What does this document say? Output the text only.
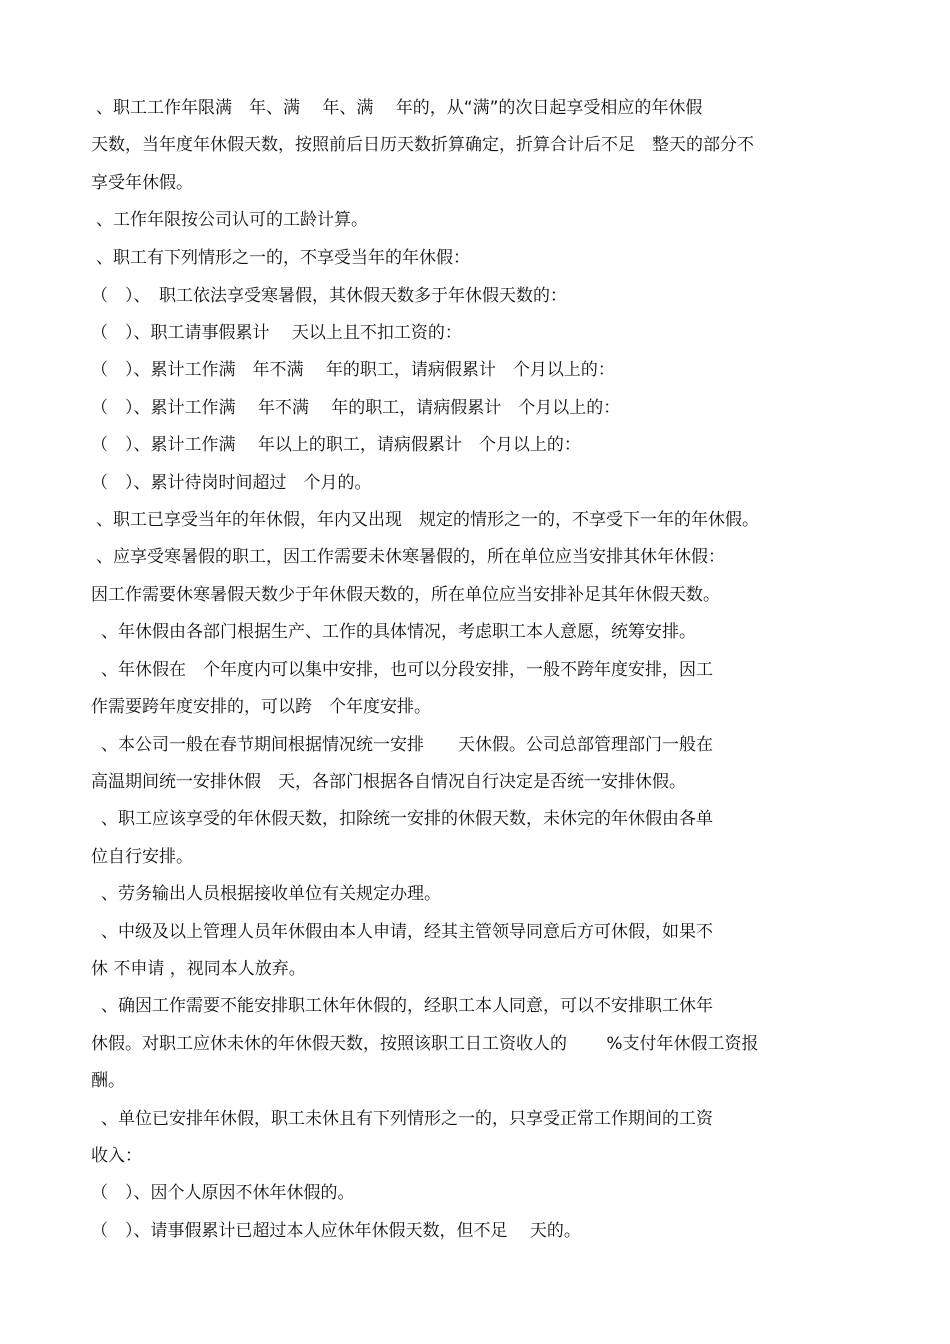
、职工工作年限满　年、满　 年、满　 年的，从“满”的次日起享受相应的年休假

天数，当年度年休假天数，按照前后日历天数折算确定，折算合计后不足　整天的部分不

享受年休假。

、工作年限按公司认可的工龄计算。

、职工有下列情形之一的，不享受当年的年休假：

（　）、　职工依法享受寒暑假，其休假天数多于年休假天数的：

（　）、职工请事假累计　 天以上且不扣工资的：

（　）、累计工作满　年不满　 年的职工，请病假累计　个月以上的：

（　）、累计工作满　 年不满　 年的职工，请病假累计　个月以上的：

（　）、累计工作满　 年以上的职工，请病假累计　个月以上的：

（　）、累计待岗时间超过　个月的。

、职工已享受当年的年休假，年内又出现　规定的情形之一的，不享受下一年的年休假。

、应享受寒暑假的职工，因工作需要未休寒暑假的，所在单位应当安排其休年休假：

因工作需要休寒暑假天数少于年休假天数的，所在单位应当安排补足其年休假天数。

、年休假由各部门根据生产、工作的具体情况，考虑职工本人意愿，统筹安排。

、年休假在　个年度内可以集中安排，也可以分段安排，一般不跨年度安排，因工

作需要跨年度安排的，可以跨　个年度安排。

、本公司一般在春节期间根据情况统一安排　　天休假。公司总部管理部门一般在

高温期间统一安排休假　天，各部门根据各自情况自行决定是否统一安排休假。

、职工应该享受的年休假天数，扣除统一安排的休假天数，未休完的年休假由各单

位自行安排。

、劳务输出人员根据接收单位有关规定办理。

、中级及以上管理人员年休假由本人申请，经其主管领导同意后方可休假，如果不

休 不申请 ，视同本人放弃。

、确因工作需要不能安排职工休年休假的，经职工本人同意，可以不安排职工休年

休假。对职工应休未休的年休假天数，按照该职工日工资收人的　　 %支付年休假工资报

酬。

、单位已安排年休假，职工未休且有下列情形之一的，只享受正常工作期间的工资

收入：

（　）、因个人原因不休年休假的。

（　）、请事假累计已超过本人应休年休假天数，但不足　 天的。
